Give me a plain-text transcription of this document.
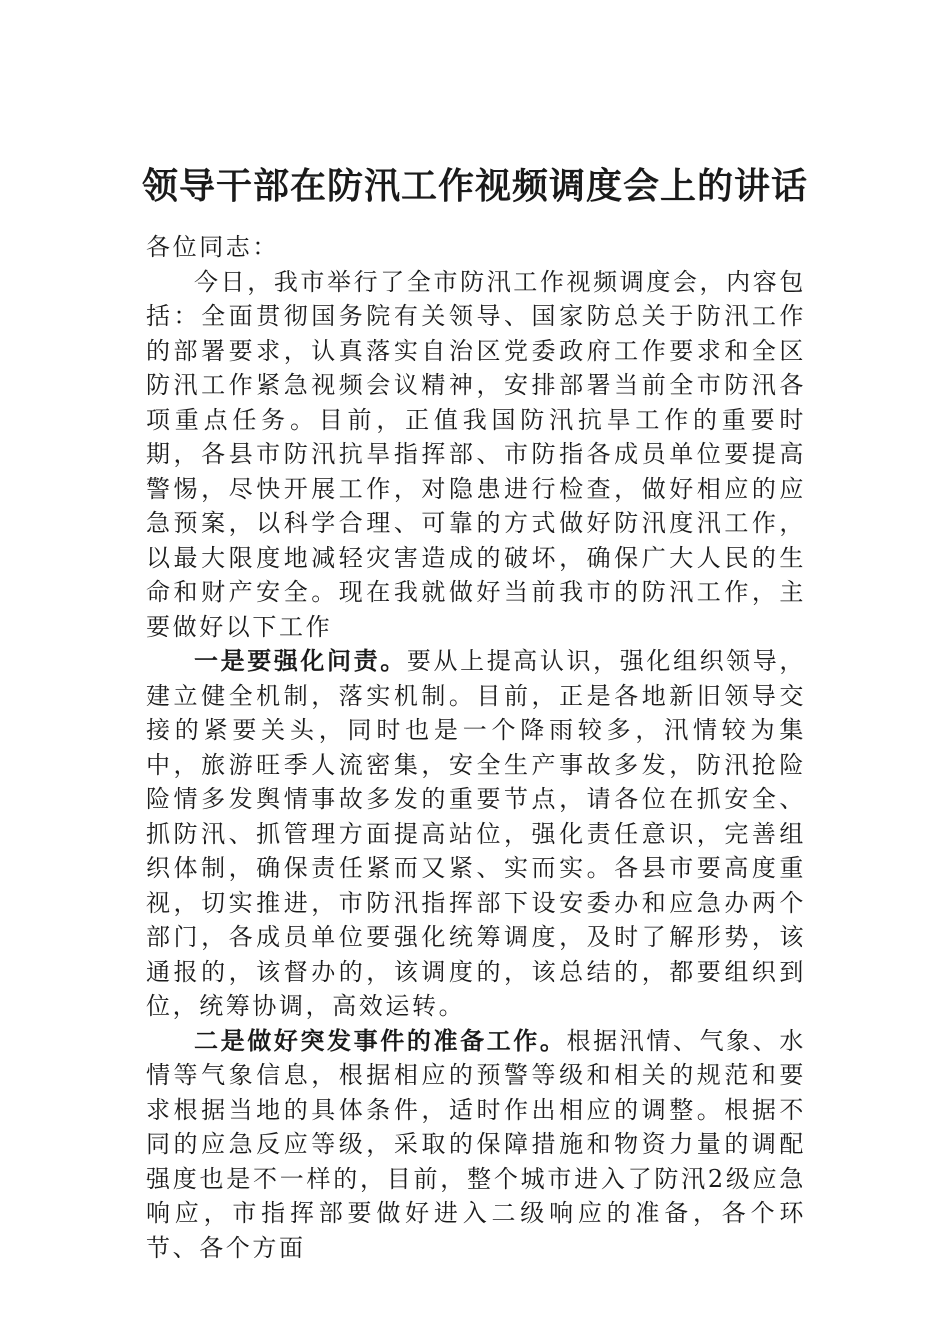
领导干部在防汛工作视频调度会上的讲话

各位同志：

今日，我市举行了全市防汛工作视频调度会，内容包括：全面贯彻国务院有关领导、国家防总关于防汛工作的部署要求，认真落实自治区党委政府工作要求和全区防汛工作紧急视频会议精神，安排部署当前全市防汛各项重点任务。目前，正值我国防汛抗旱工作的重要时期，各县市防汛抗旱指挥部、市防指各成员单位要提高警惕，尽快开展工作，对隐患进行检查，做好相应的应急预案，以科学合理、可靠的方式做好防汛度汛工作，以最大限度地减轻灾害造成的破坏，确保广大人民的生命和财产安全。现在我就做好当前我市的防汛工作，主要做好以下工作

一是要强化问责。要从上提高认识，强化组织领导，建立健全机制，落实机制。目前，正是各地新旧领导交接的紧要关头，同时也是一个降雨较多，汛情较为集中，旅游旺季人流密集，安全生产事故多发，防汛抢险险情多发舆情事故多发的重要节点，请各位在抓安全、抓防汛、抓管理方面提高站位，强化责任意识，完善组织体制，确保责任紧而又紧、实而实。各县市要高度重视，切实推进，市防汛指挥部下设安委办和应急办两个部门，各成员单位要强化统筹调度，及时了解形势，该通报的，该督办的，该调度的，该总结的，都要组织到位，统筹协调，高效运转。

二是做好突发事件的准备工作。根据汛情、气象、水情等气象信息，根据相应的预警等级和相关的规范和要求根据当地的具体条件，适时作出相应的调整。根据不同的应急反应等级，采取的保障措施和物资力量的调配强度也是不一样的，目前，整个城市进入了防汛2级应急响应，市指挥部要做好进入二级响应的准备，各个环节、各个方面
